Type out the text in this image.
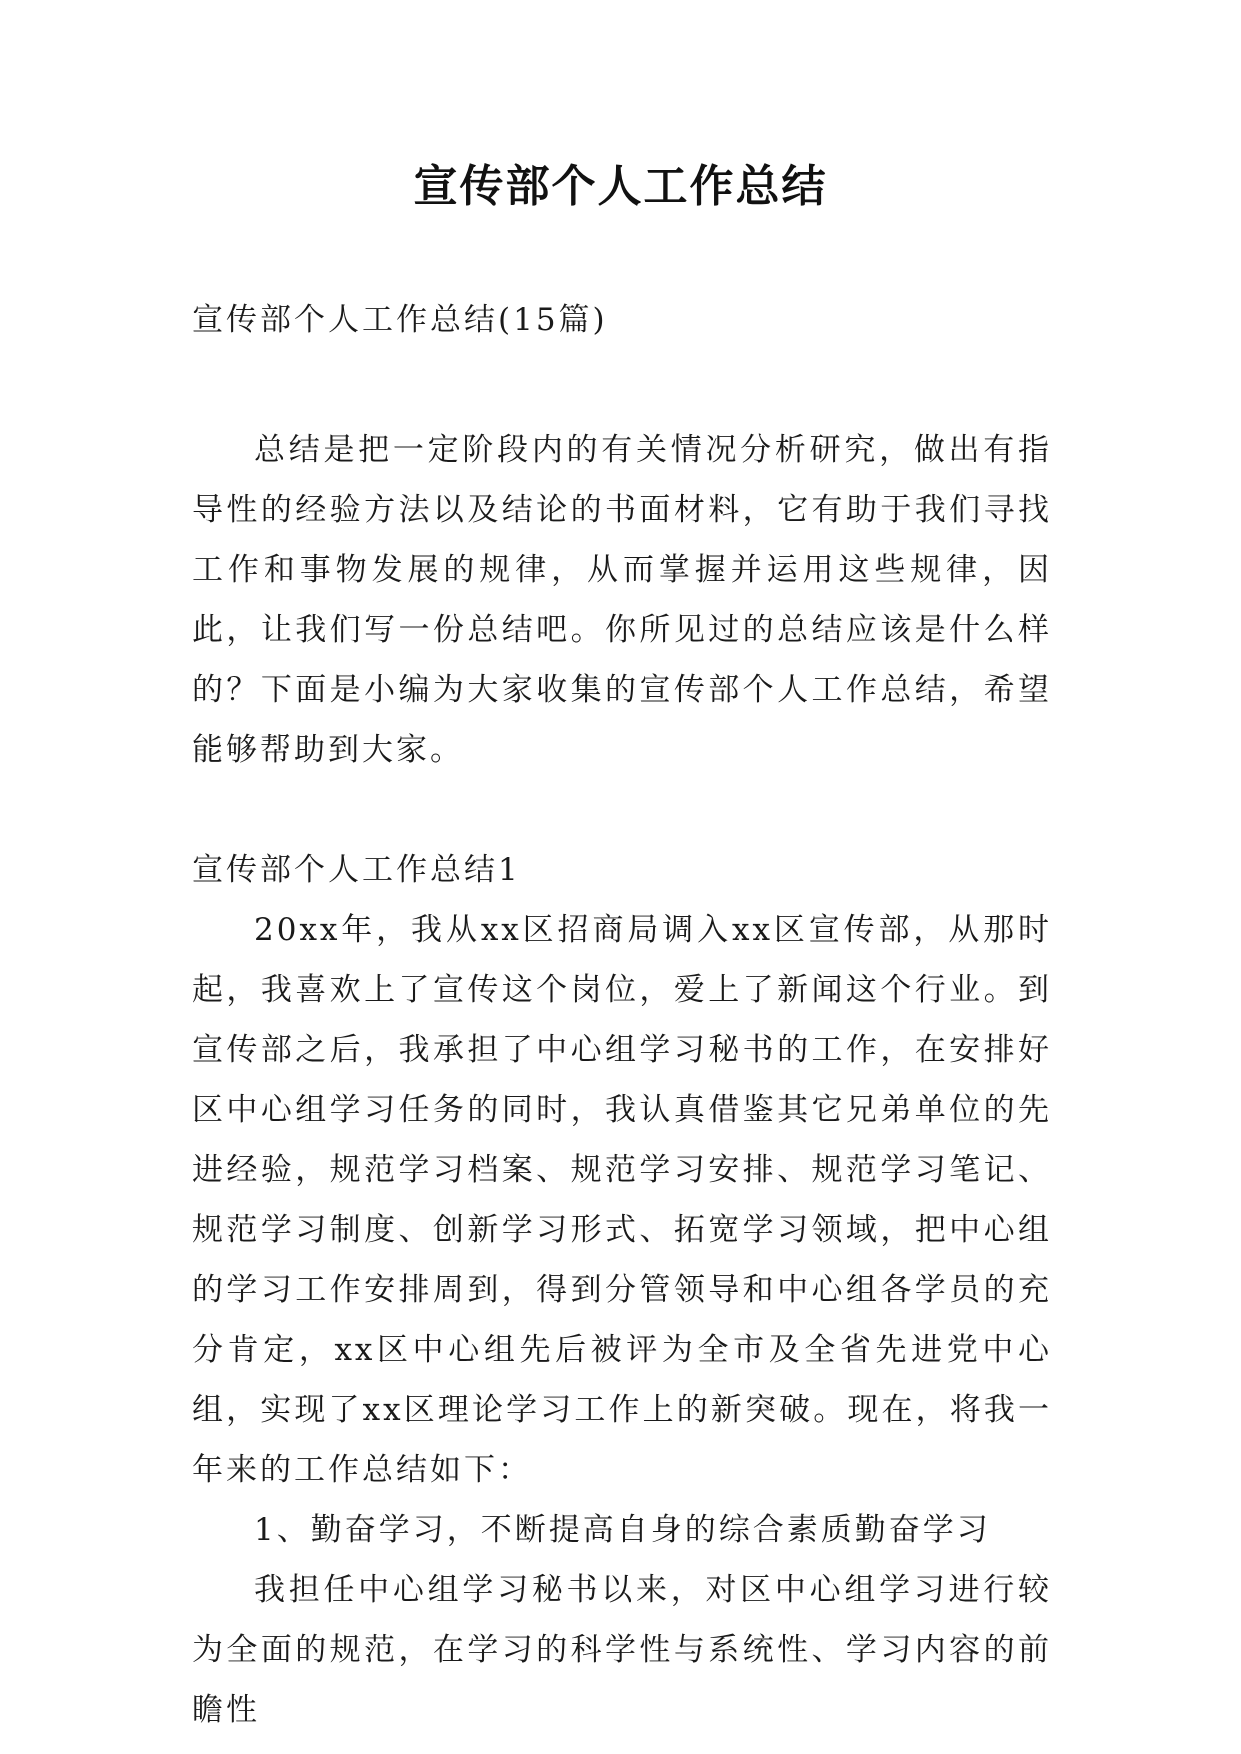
宣传部个人工作总结

宣传部个人工作总结(15篇)

总结是把一定阶段内的有关情况分析研究，做出有指导性的经验方法以及结论的书面材料，它有助于我们寻找工作和事物发展的规律，从而掌握并运用这些规律，因此，让我们写一份总结吧。你所见过的总结应该是什么样的？下面是小编为大家收集的宣传部个人工作总结，希望能够帮助到大家。

宣传部个人工作总结1

20xx年，我从xx区招商局调入xx区宣传部，从那时起，我喜欢上了宣传这个岗位，爱上了新闻这个行业。到宣传部之后，我承担了中心组学习秘书的工作，在安排好区中心组学习任务的同时，我认真借鉴其它兄弟单位的先进经验，规范学习档案、规范学习安排、规范学习笔记、规范学习制度、创新学习形式、拓宽学习领域，把中心组的学习工作安排周到，得到分管领导和中心组各学员的充分肯定，xx区中心组先后被评为全市及全省先进党中心组，实现了xx区理论学习工作上的新突破。现在，将我一年来的工作总结如下：

1、勤奋学习，不断提高自身的综合素质勤奋学习

我担任中心组学习秘书以来，对区中心组学习进行较为全面的规范，在学习的科学性与系统性、学习内容的前瞻性
